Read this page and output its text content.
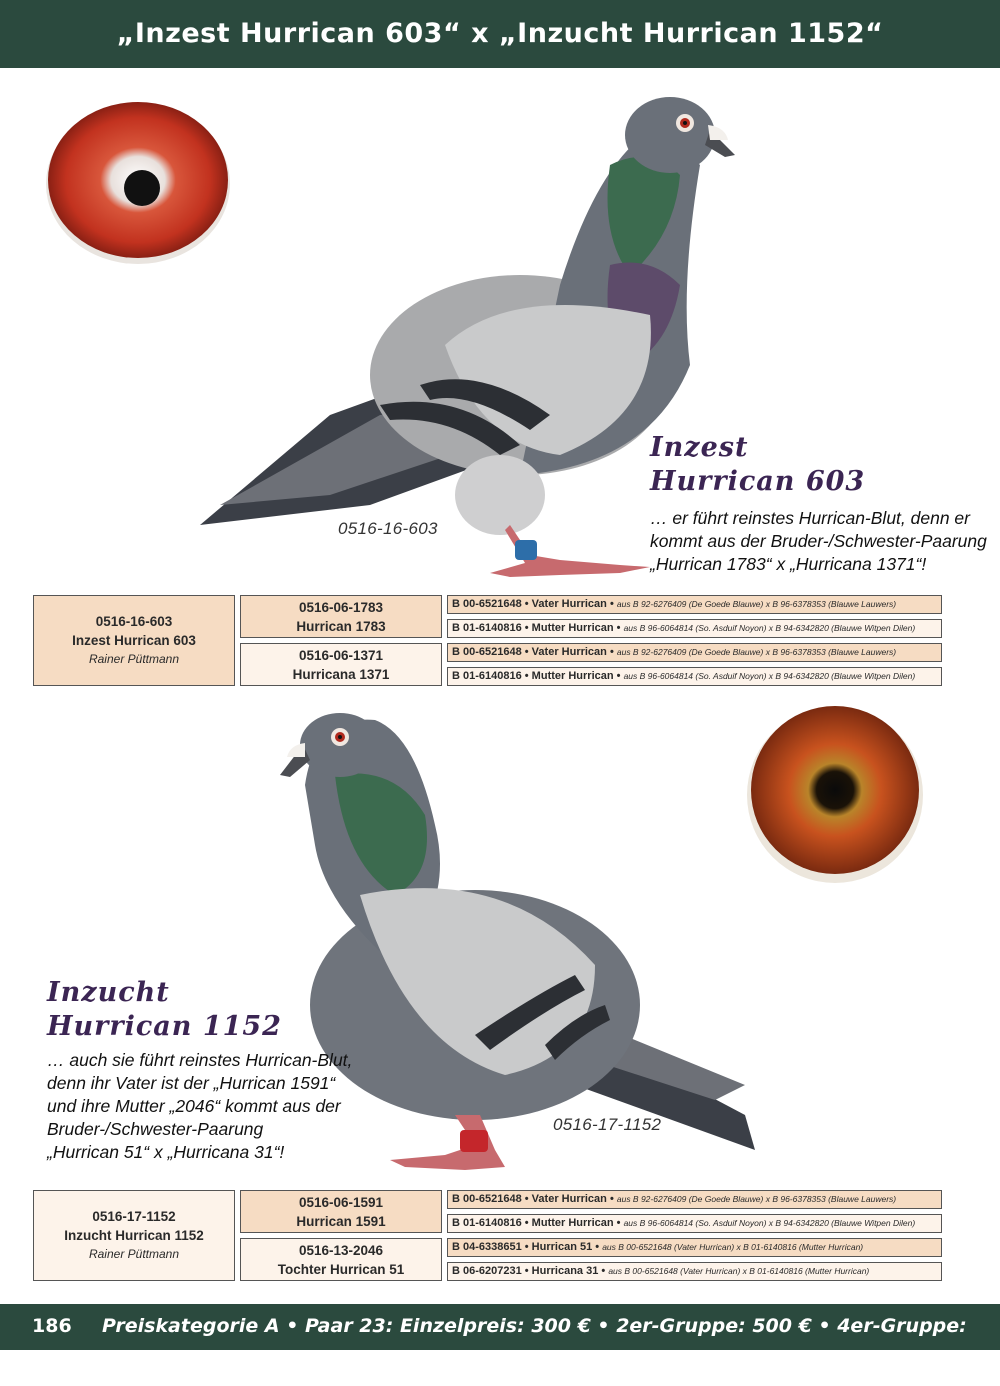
„Inzest Hurrican 603“ x „Inzucht Hurrican 1152“
0516-16-603
Inzest
Hurrican 603
… er führt reinstes Hurrican-Blut, denn er
kommt aus der Bruder-/Schwester-Paarung
„Hurrican 1783“ x „Hurricana 1371“!
0516-16-603
Inzest Hurrican 603
Rainer Püttmann
0516-06-1783
Hurrican 1783
0516-06-1371
Hurricana 1371
B 00-6521648 • Vater Hurrican • aus B 92-6276409 (De Goede Blauwe) x B 96-6378353 (Blauwe Lauwers)
B 01-6140816 • Mutter Hurrican • aus B 96-6064814 (So. Asduif Noyon) x B 94-6342820 (Blauwe Witpen Dilen)
B 00-6521648 • Vater Hurrican • aus B 92-6276409 (De Goede Blauwe) x B 96-6378353 (Blauwe Lauwers)
B 01-6140816 • Mutter Hurrican • aus B 96-6064814 (So. Asduif Noyon) x B 94-6342820 (Blauwe Witpen Dilen)
0516-17-1152
Inzucht
Hurrican 1152
… auch sie führt reinstes Hurrican-Blut,
denn ihr Vater ist der „Hurrican 1591“
und ihre Mutter „2046“ kommt aus der
Bruder-/Schwester-Paarung
„Hurrican 51“ x „Hurricana 31“!
0516-17-1152
Inzucht Hurrican 1152
Rainer Püttmann
0516-06-1591
Hurrican 1591
0516-13-2046
Tochter Hurrican 51
B 00-6521648 • Vater Hurrican • aus B 92-6276409 (De Goede Blauwe) x B 96-6378353 (Blauwe Lauwers)
B 01-6140816 • Mutter Hurrican • aus B 96-6064814 (So. Asduif Noyon) x B 94-6342820 (Blauwe Witpen Dilen)
B 04-6338651 • Hurrican 51 • aus B 00-6521648 (Vater Hurrican) x B 01-6140816 (Mutter Hurrican)
B 06-6207231 • Hurricana 31 • aus B 00-6521648 (Vater Hurrican) x B 01-6140816 (Mutter Hurrican)
186 Preiskategorie A • Paar 23: Einzelpreis: 300 € • 2er-Gruppe: 500 € • 4er-Gruppe: 900 €
